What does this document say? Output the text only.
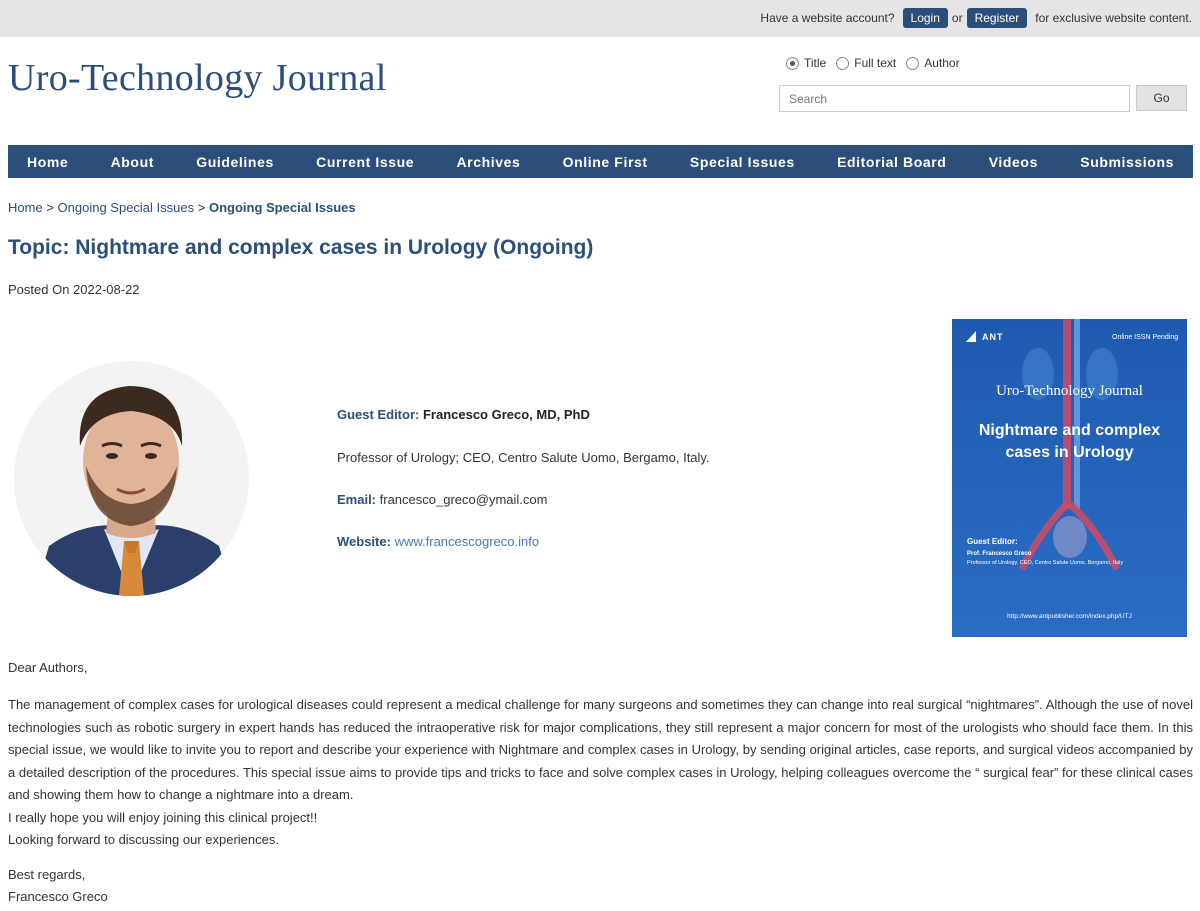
Have a website account?	Login	or	Register	for exclusive website content.
Uro-Technology Journal	Title Full text Author
Search
Go
Home	About	Guidelines	Current Issue	Archives	Online First	Special Issues	Editorial Board	Videos	Submissions
Home > Ongoing Special Issues > Ongoing Special Issues
Topic: Nightmare and complex cases in Urology (Ongoing)
Posted On 2022-08-22
Guest Editor: Francesco Greco, MD, PhD
Professor of Urology; CEO, Centro Salute Uomo, Bergamo, Italy.
Email: francesco_greco@ymail.com
Website: www.francescogreco.info
ANT	Online ISSN Pending
Uro-Technology Journal
Nightmare and complex
cases in Urology
Guest Editor:
Prof. Francesco Greco
Professor of Urology, CEO, Centro Salute Uomo, Bergamo, Italy
http://www.antpublisher.com/index.php/UTJ
Dear Authors,
The management of complex cases for urological diseases could represent a medical challenge for many surgeons and sometimes they can change into real surgical “nightmares”. Although the use of novel technologies such as robotic surgery in expert hands has reduced the intraoperative risk for major complications, they still represent a major concern for most of the urologists who should face them. In this special issue, we would like to invite you to report and describe your experience with Nightmare and complex cases in Urology, by sending original articles, case reports, and surgical videos accompanied by a detailed description of the procedures. This special issue aims to provide tips and tricks to face and solve complex cases in Urology, helping colleagues overcome the “ surgical fear” for these clinical cases and showing them how to change a nightmare into a dream.
I really hope you will enjoy joining this clinical project!!
Looking forward to discussing our experiences.
Best regards,
Francesco Greco
